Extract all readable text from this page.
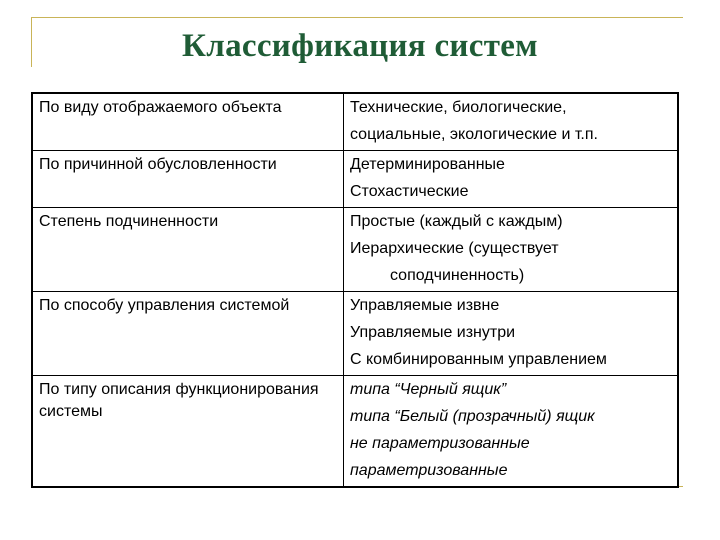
Классификация систем
По виду отображаемого объекта	Технические, биологические,
социальные, экологические и т.п.

По причинной обусловленности	Детерминированные
Стохастические

Степень подчиненности	Простые (каждый с каждым)
Иерархические (существует
соподчиненность)

По способу управления системой	Управляемые извне
Управляемые изнутри
С комбинированным управлением

По типу описания функционирования системы	типа “Черный ящик”
типа “Белый (прозрачный) ящик
не параметризованные
параметризованные
